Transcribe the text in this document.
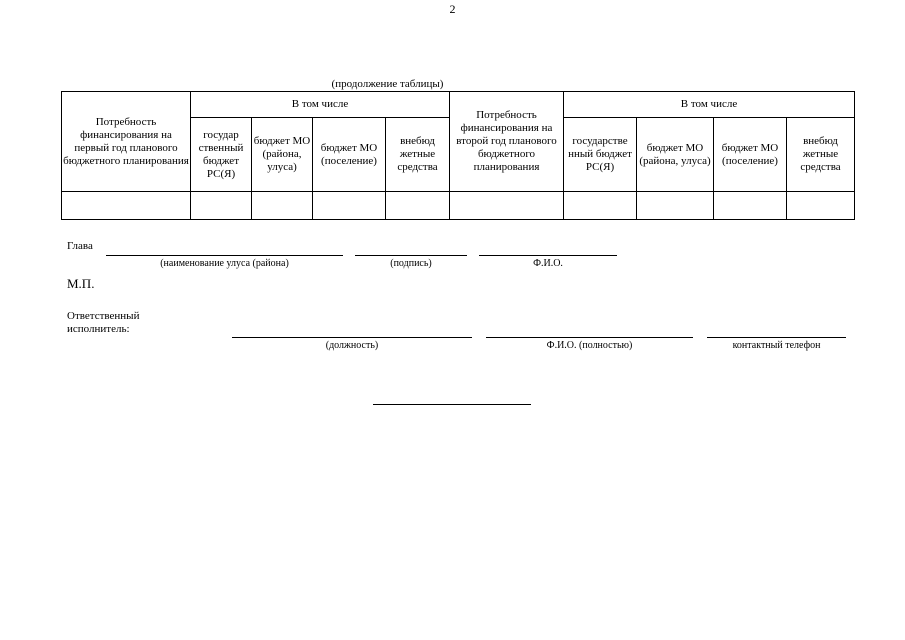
2
(продолжение таблицы)
Потребность финансирования на первый год планового бюджетного планирования	В том числе				Потребность финансирования на второй год планового бюджетного планирования	В том числе			
	государ ственный бюджет РС(Я)	бюджет МО (района, улуса)	бюджет МО (поселение)	внебюд жетные средства		государстве нный бюджет РС(Я)	бюджет МО (района, улуса)	бюджет МО (поселение)	внебюд жетные средства

Глава
(наименование улуса (района)	(подпись)	Ф.И.О.
М.П.
Ответственный
исполнитель:
(должность)	Ф.И.О. (полностью)	контактный телефон
